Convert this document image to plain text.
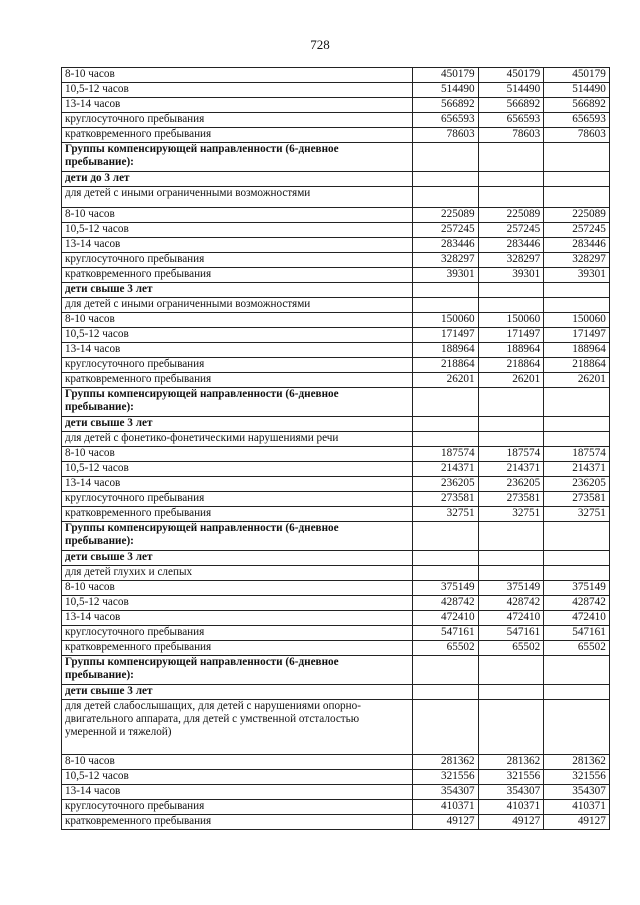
728
8-10 часов	450179	450179	450179
10,5-12 часов	514490	514490	514490
13-14 часов	566892	566892	566892
круглосуточного пребывания	656593	656593	656593
кратковременного пребывания	78603	78603	78603
Группы компенсирующей направленности (6-дневное пребывание):			
дети до 3 лет			
для детей с иными ограниченными возможностями			
8-10 часов	225089	225089	225089
10,5-12 часов	257245	257245	257245
13-14 часов	283446	283446	283446
круглосуточного пребывания	328297	328297	328297
кратковременного пребывания	39301	39301	39301
дети свыше 3 лет			
для детей с иными ограниченными возможностями			
8-10 часов	150060	150060	150060
10,5-12 часов	171497	171497	171497
13-14 часов	188964	188964	188964
круглосуточного пребывания	218864	218864	218864
кратковременного пребывания	26201	26201	26201
Группы компенсирующей направленности (6-дневное пребывание):			
дети свыше 3 лет			
для детей с фонетико-фонетическими нарушениями речи			
8-10 часов	187574	187574	187574
10,5-12 часов	214371	214371	214371
13-14 часов	236205	236205	236205
круглосуточного пребывания	273581	273581	273581
кратковременного пребывания	32751	32751	32751
Группы компенсирующей направленности (6-дневное пребывание):			
дети свыше 3 лет			
для детей глухих и слепых			
8-10 часов	375149	375149	375149
10,5-12 часов	428742	428742	428742
13-14 часов	472410	472410	472410
круглосуточного пребывания	547161	547161	547161
кратковременного пребывания	65502	65502	65502
Группы компенсирующей направленности (6-дневное пребывание):			
дети свыше 3 лет			
для детей слабослышащих, для детей с нарушениями опорно-двигательного аппарата, для детей с умственной отсталостью умеренной и тяжелой)			
8-10 часов	281362	281362	281362
10,5-12 часов	321556	321556	321556
13-14 часов	354307	354307	354307
круглосуточного пребывания	410371	410371	410371
кратковременного пребывания	49127	49127	49127
